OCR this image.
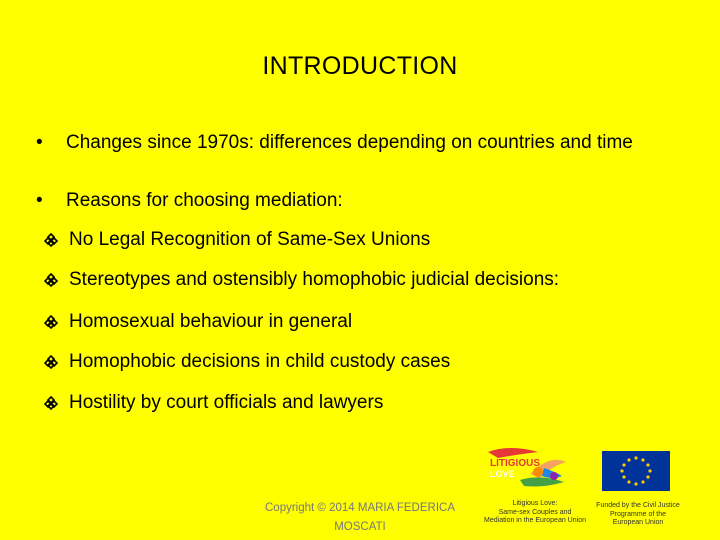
INTRODUCTION
• Changes since 1970s: differences depending on countries and time
• Reasons for choosing mediation:
No Legal Recognition of Same-Sex Unions
Stereotypes and ostensibly homophobic judicial decisions:
Homosexual behaviour in general
Homophobic decisions in child custody cases
Hostility by court officials and lawyers
Copyright © 2014 MARIA FEDERICA
MOSCATI
LITIGIOUS
LOVE
Litigious Love:
Same-sex Couples and
Mediation in the European Union
Funded by the Civil Justice
Programme of the
European Union
